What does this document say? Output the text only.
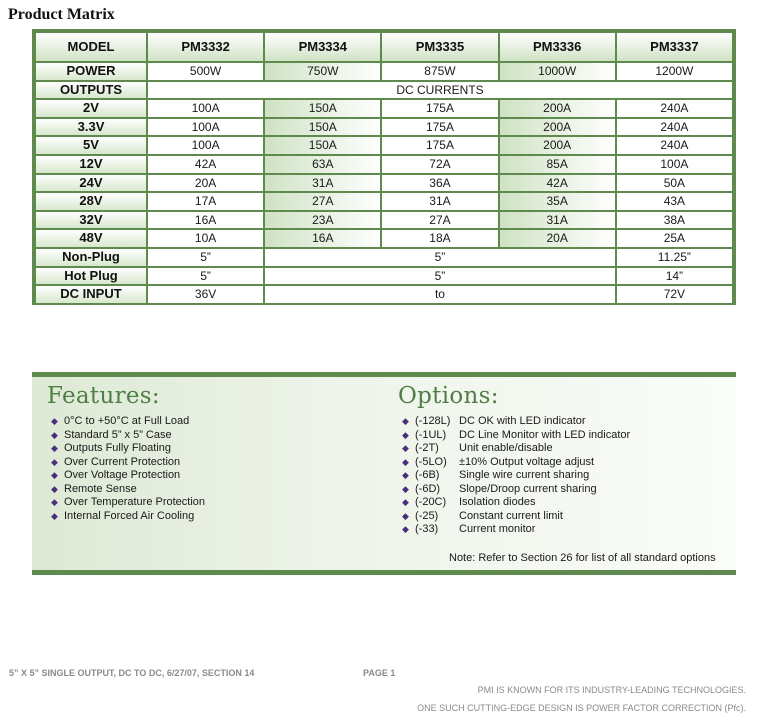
Product Matrix
MODEL	PM3332	PM3334	PM3335	PM3336	PM3337
POWER	500W	750W	875W	1000W	1200W
OUTPUTS	DC CURRENTS				
2V	100A	150A	175A	200A	240A
3.3V	100A	150A	175A	200A	240A
5V	100A	150A	175A	200A	240A
12V	42A	63A	72A	85A	100A
24V	20A	31A	36A	42A	50A
28V	17A	27A	31A	35A	43A
32V	16A	23A	27A	31A	38A
48V	10A	16A	18A	20A	25A
Non-Plug	5”	5”			11.25”
Hot Plug	5”	5”			14”
DC INPUT	36V	to			72V
Features:
◆ 0°C to +50°C at Full Load
◆ Standard 5” x 5” Case
◆ Outputs Fully Floating
◆ Over Current Protection
◆ Over Voltage Protection
◆ Remote Sense
◆ Over Temperature Protection
◆ Internal Forced Air Cooling
Options:
◆ (-128L) DC OK with LED indicator
◆ (-1UL) DC Line Monitor with LED indicator
◆ (-2T) Unit enable/disable
◆ (-5LO) ±10% Output voltage adjust
◆ (-6B) Single wire current sharing
◆ (-6D) Slope/Droop current sharing
◆ (-20C) Isolation diodes
◆ (-25) Constant current limit
◆ (-33) Current monitor
Note: Refer to Section 26 for list of all standard options
5” X 5” SINGLE OUTPUT, DC TO DC, 6/27/07, SECTION 14	PAGE 1
PMI IS KNOWN FOR ITS INDUSTRY-LEADING TECHNOLOGIES.
ONE SUCH CUTTING-EDGE DESIGN IS POWER FACTOR CORRECTION (Pfc).
